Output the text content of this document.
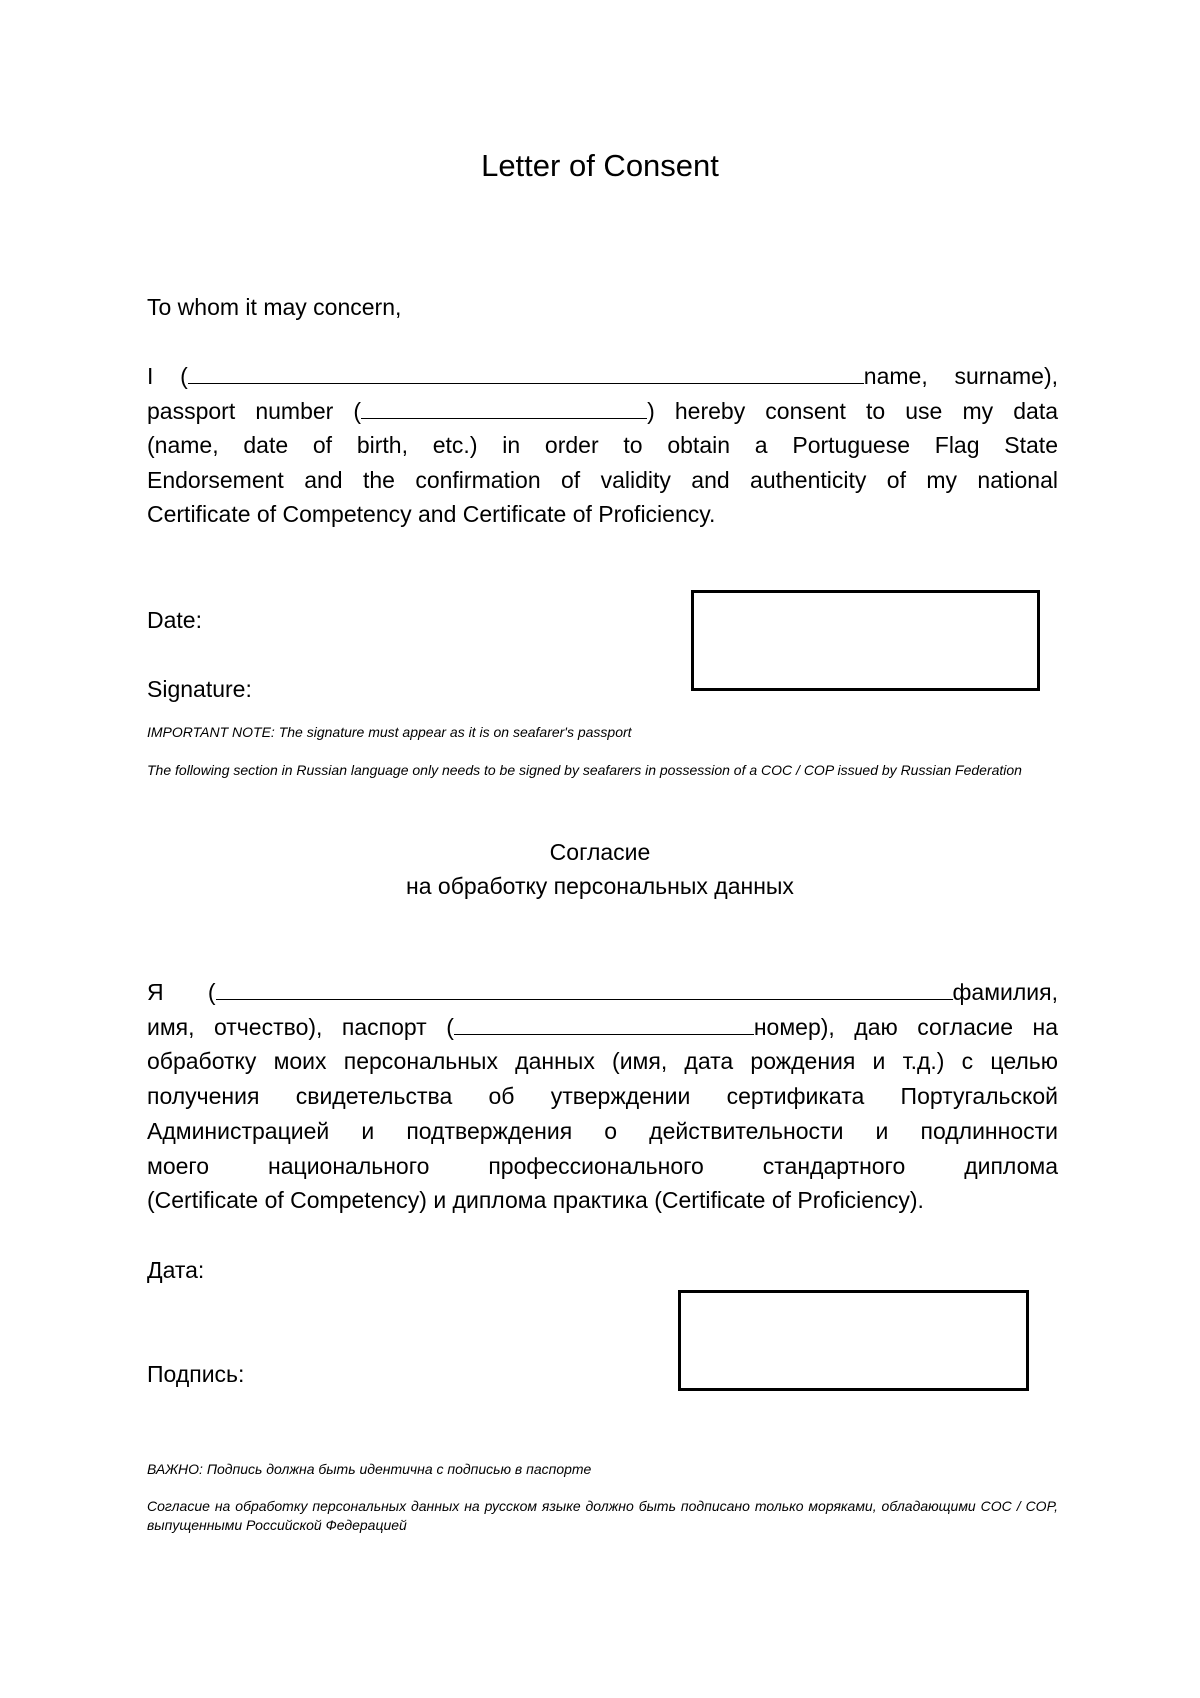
Letter of Consent

To whom it may concern,

I (	name, surname),
passport number (	) hereby consent to use my data
(name, date of birth, etc.) in order to obtain a Portuguese Flag State
Endorsement and the confirmation of validity and authenticity of my national
Certificate of Competency and Certificate of Proficiency.

Date:

Signature:

IMPORTANT NOTE: The signature must appear as it is on seafarer's passport

The following section in Russian language only needs to be signed by seafarers in possession of a COC / COP issued by Russian Federation

Согласие

на обработку персональных данных

Я (	фамилия,
имя, отчество), паспорт (	номер), даю согласие на
обработку моих персональных данных (имя, дата рождения и т.д.) с целью
получения свидетельства об утверждении сертификата Португальской
Администрацией и подтверждения о действительности и подлинности
моего национального профессионального стандартного диплома
(Certificate of Competency) и диплома практика (Certificate of Proficiency).

Дата:

Подпись:

ВАЖНО: Подпись должна быть идентична с подписью в паспорте

Согласие на обработку персональных данных на русском языке должно быть подписано только моряками, обладающими COC / COP, выпущенными Российской Федерацией
